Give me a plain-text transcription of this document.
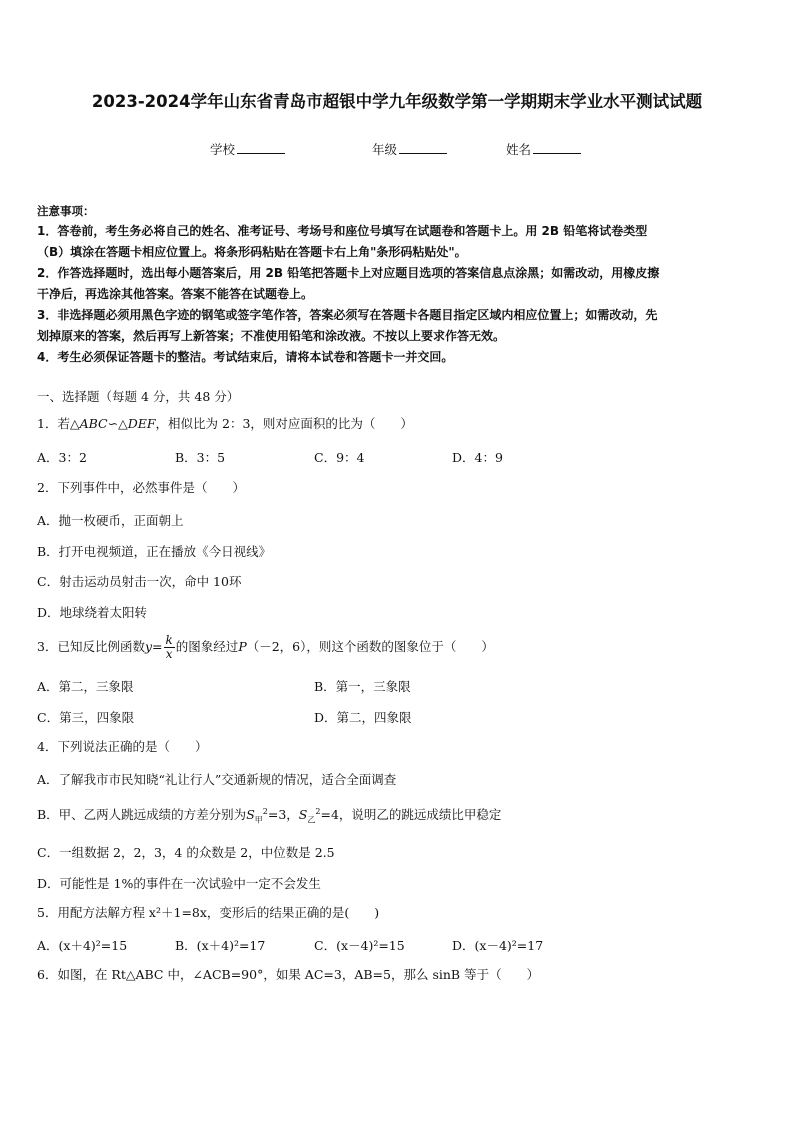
2023-2024学年山东省青岛市超银中学九年级数学第一学期期末学业水平测试试题
学校	年级	姓名
注意事项：
1．答卷前，考生务必将自己的姓名、准考证号、考场号和座位号填写在试题卷和答题卡上。用 2B 铅笔将试卷类型
（B）填涂在答题卡相应位置上。将条形码粘贴在答题卡右上角"条形码粘贴处"。
2．作答选择题时，选出每小题答案后，用 2B 铅笔把答题卡上对应题目选项的答案信息点涂黑；如需改动，用橡皮擦
干净后，再选涂其他答案。答案不能答在试题卷上。
3．非选择题必须用黑色字迹的钢笔或签字笔作答，答案必须写在答题卡各题目指定区域内相应位置上；如需改动，先
划掉原来的答案，然后再写上新答案；不准使用铅笔和涂改液。不按以上要求作答无效。
4．考生必须保证答题卡的整洁。考试结束后，请将本试卷和答题卡一并交回。
一、选择题（每题 4 分，共 48 分）
1．若△ABC∽△DEF，相似比为 2：3，则对应面积的比为（　　）
A．3：2	B．3：5	C．9：4	D．4：9
2．下列事件中，必然事件是（　　）
A．抛一枚硬币，正面朝上
B．打开电视频道，正在播放《今日视线》
C．射击运动员射击一次，命中 10环
D．地球绕着太阳转
3．已知反比例函数$y= \frac{k}{x}$ 的图象经过P（－2，6），则这个函数的图象位于（　　）
A．第二，三象限	B．第一，三象限
C．第三，四象限	D．第二，四象限
4．下列说法正确的是（　　）
A．了解我市市民知晓“礼让行人”交通新规的情况，适合全面调查
B．甲、乙两人跳远成绩的方差分别为$S_甲^2=3$，$S_乙^2=4$，说明乙的跳远成绩比甲稳定
C．一组数据 2，2，3，4 的众数是 2，中位数是 2.5
D．可能性是 1%的事件在一次试验中一定不会发生
5．用配方法解方程 x²＋1=8x，变形后的结果正确的是(　　)
A．(x＋4)²=15	B．(x＋4)²=17	C．(x－4)²=15	D．(x－4)²=17
6．如图，在 Rt△ABC 中，∠ACB=90°，如果 AC=3，AB=5，那么 sinB 等于（　　）
